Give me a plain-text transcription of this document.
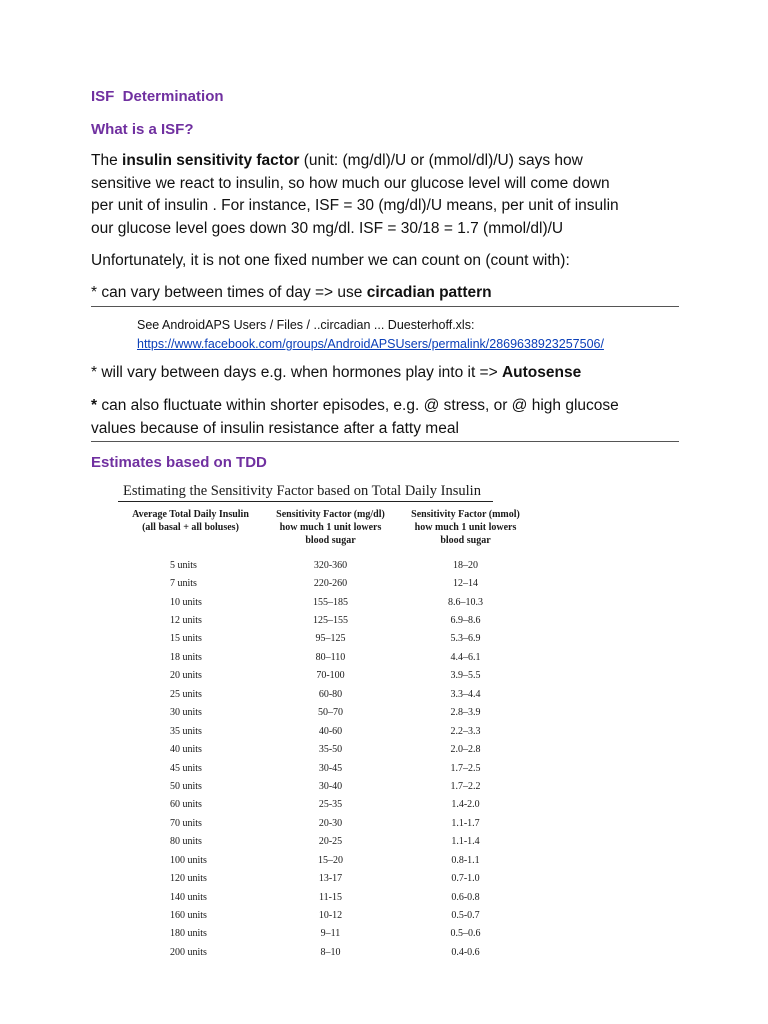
ISF  Determination

What is a ISF?

The insulin sensitivity factor (unit: (mg/dl)/U or (mmol/dl)/U) says how
sensitive we react to insulin, so how much our glucose level will come down
per unit of insulin . For instance, ISF = 30 (mg/dl)/U means, per unit of insulin
our glucose level goes down 30 mg/dl. ISF = 30/18 = 1.7 (mmol/dl)/U

Unfortunately, it is not one fixed number we can count on (count with):

* can vary between times of day => use circadian pattern

See AndroidAPS Users / Files / ..circadian ... Duesterhoff.xls:
https://www.facebook.com/groups/AndroidAPSUsers/permalink/2869638923257506/

* will vary between days e.g. when hormones play into it => Autosense

* can also fluctuate within shorter episodes, e.g. @ stress, or @ high glucose
values because of insulin resistance after a fatty meal

Estimates based on TDD

Estimating the Sensitivity Factor based on Total Daily Insulin

Average Total Daily Insulin
(all basal + all boluses)
Sensitivity Factor (mg/dl)
how much 1 unit lowers
blood sugar
Sensitivity Factor (mmol)
how much 1 unit lowers
blood sugar
5 units	320-360	18–20
7 units	220-260	12–14
10 units	155–185	8.6–10.3
12 units	125–155	6.9–8.6
15 units	95–125	5.3–6.9
18 units	80–110	4.4–6.1
20 units	70-100	3.9–5.5
25 units	60-80	3.3–4.4
30 units	50–70	2.8–3.9
35 units	40-60	2.2–3.3
40 units	35-50	2.0–2.8
45 units	30-45	1.7–2.5
50 units	30-40	1.7–2.2
60 units	25-35	1.4-2.0
70 units	20-30	1.1-1.7
80 units	20-25	1.1-1.4
100 units	15–20	0.8-1.1
120 units	13-17	0.7-1.0
140 units	11-15	0.6-0.8
160 units	10-12	0.5-0.7
180 units	9–11	0.5–0.6
200 units	8–10	0.4-0.6
